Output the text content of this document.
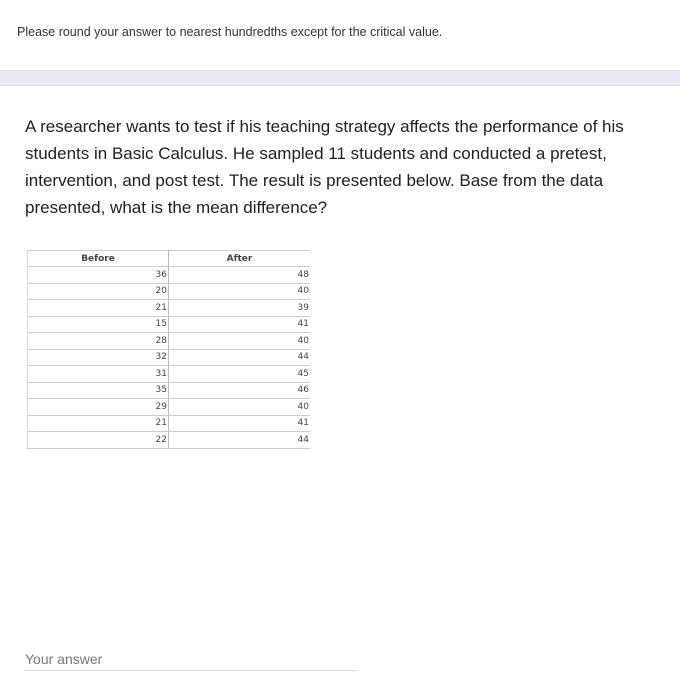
Please round your answer to nearest hundredths except for the critical value.
A researcher wants to test if his teaching strategy affects the performance of his students in Basic Calculus. He sampled 11 students and conducted a pretest, intervention, and post test. The result is presented below. Base from the data presented, what is the mean difference?
Before	After
36	48
20	40
21	39
15	41
28	40
32	44
31	45
35	46
29	40
21	41
22	44
Your answer
